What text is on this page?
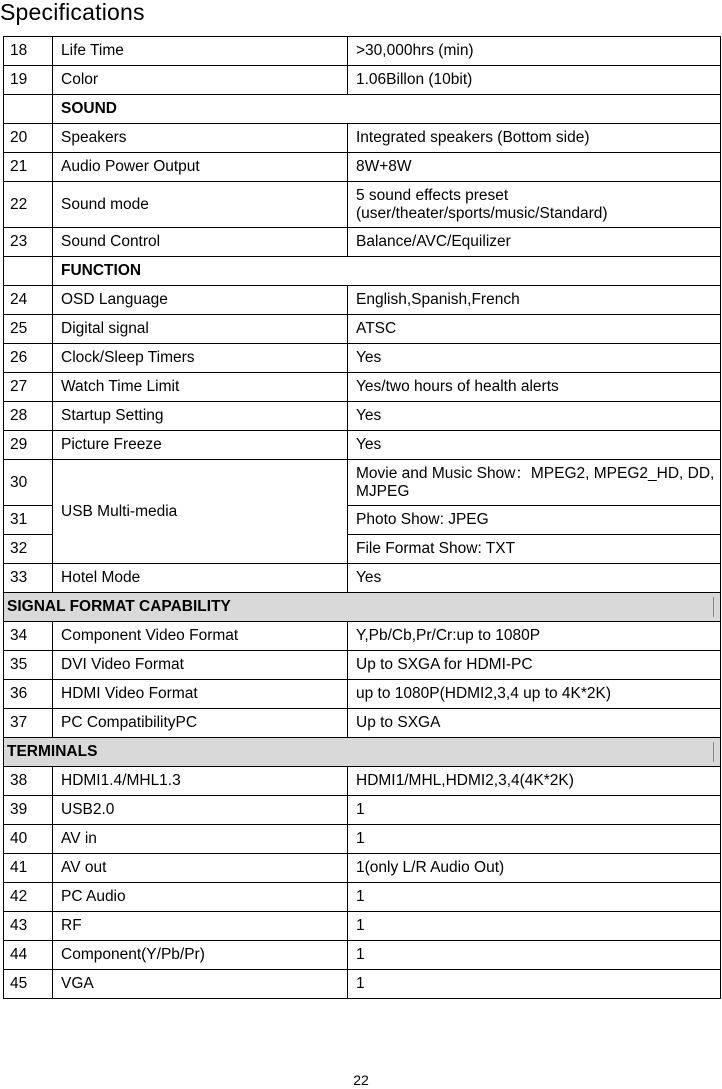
Specifications
18	Life Time	>30,000hrs (min)
19	Color	1.06Billon (10bit)
	SOUND	
20	Speakers	Integrated speakers (Bottom side)
21	Audio Power Output	8W+8W
22	Sound mode	5 sound effects preset (user/theater/sports/music/Standard)
23	Sound Control	Balance/AVC/Equilizer
	FUNCTION	
24	OSD Language	English,Spanish,French
25	Digital signal	ATSC
26	Clock/Sleep Timers	Yes
27	Watch Time Limit	Yes/two hours of health alerts
28	Startup Setting	Yes
29	Picture Freeze	Yes
30	USB Multi-media	Movie and Music Show：MPEG2, MPEG2_HD, DD, MJPEG
31		Photo Show: JPEG
32		File Format Show: TXT
33	Hotel Mode	Yes
SIGNAL FORMAT CAPABILITY		
34	Component Video Format	Y,Pb/Cb,Pr/Cr:up to 1080P
35	DVI Video Format	Up to SXGA for HDMI-PC
36	HDMI Video Format	up to 1080P(HDMI2,3,4 up to 4K*2K)
37	PC CompatibilityPC	Up to SXGA
TERMINALS		
38	HDMI1.4/MHL1.3	HDMI1/MHL,HDMI2,3,4(4K*2K)
39	USB2.0	1
40	AV in	1
41	AV out	1(only L/R Audio Out)
42	PC Audio	1
43	RF	1
44	Component(Y/Pb/Pr)	1
45	VGA	1
22
